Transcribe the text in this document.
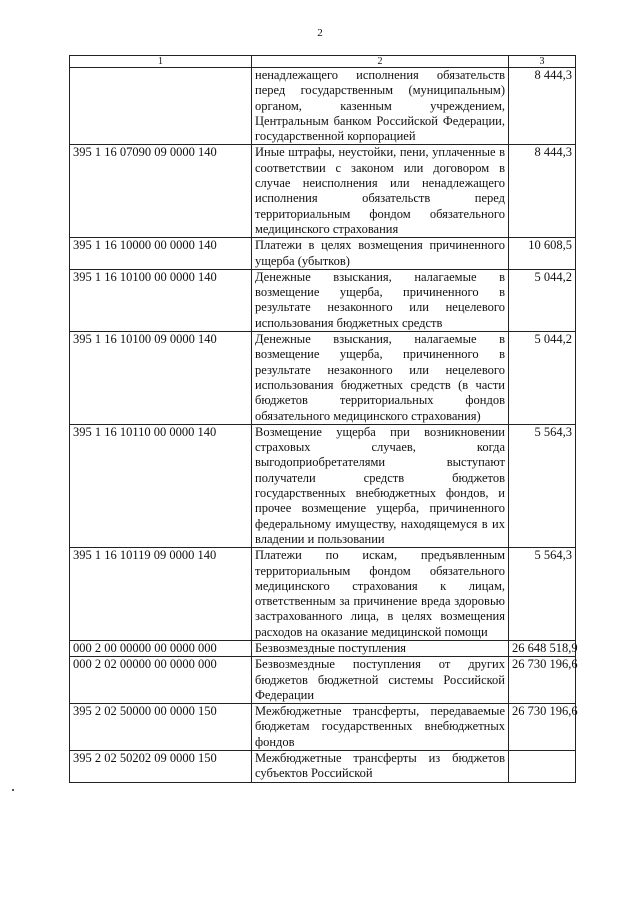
2
1	2	3
	ненадлежащего исполнения обязательств перед государственным (муниципальным) органом, казенным учреждением, Центральным банком Российской Федерации, государственной корпорацией	8 444,3
395 1 16 07090 09 0000 140	Иные штрафы, неустойки, пени, уплаченные в соответствии с законом или договором в случае неисполнения или ненадлежащего исполнения обязательств перед территориальным фондом обязательного медицинского страхования	8 444,3
395 1 16 10000 00 0000 140	Платежи в целях возмещения причиненного ущерба (убытков)	10 608,5
395 1 16 10100 00 0000 140	Денежные взыскания, налагаемые в возмещение ущерба, причиненного в результате незаконного или нецелевого использования бюджетных средств	5 044,2
395 1 16 10100 09 0000 140	Денежные взыскания, налагаемые в возмещение ущерба, причиненного в результате незаконного или нецелевого использования бюджетных средств (в части бюджетов территориальных фондов обязательного медицинского страхования)	5 044,2
395 1 16 10110 00 0000 140	Возмещение ущерба при возникновении страховых случаев, когда выгодоприобретателями выступают получатели средств бюджетов государственных внебюджетных фондов, и прочее возмещение ущерба, причиненного федеральному имуществу, находящемуся в их владении и пользовании	5 564,3
395 1 16 10119 09 0000 140	Платежи по искам, предъявленным территориальным фондом обязательного медицинского страхования к лицам, ответственным за причинение вреда здоровью застрахованного лица, в целях возмещения расходов на оказание медицинской помощи	5 564,3
000 2 00 00000 00 0000 000	Безвозмездные поступления	26 648 518,9
000 2 02 00000 00 0000 000	Безвозмездные поступления от других бюджетов бюджетной системы Российской Федерации	26 730 196,6
395 2 02 50000 00 0000 150	Межбюджетные трансферты, передаваемые бюджетам государственных внебюджетных фондов	26 730 196,6
395 2 02 50202 09 0000 150	Межбюджетные трансферты из бюджетов субъектов Российской	
